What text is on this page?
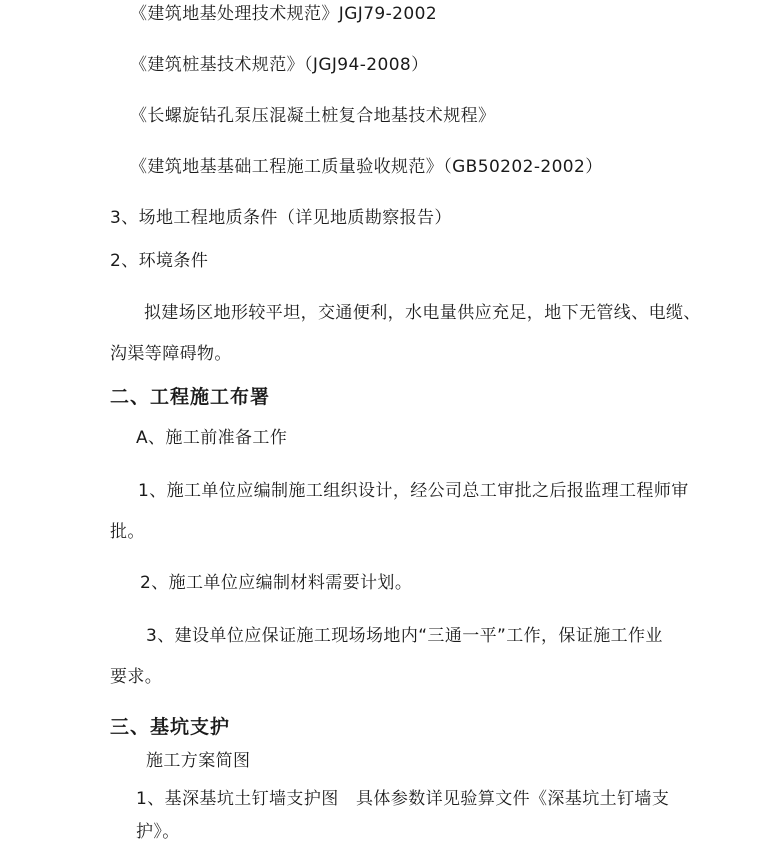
《建筑地基处理技术规范》JGJ79-2002
《建筑桩基技术规范》（JGJ94-2008）
《长螺旋钻孔泵压混凝土桩复合地基技术规程》
《建筑地基基础工程施工质量验收规范》（GB50202-2002）
3、场地工程地质条件（详见地质勘察报告）
2、环境条件
拟建场区地形较平坦，交通便利，水电量供应充足，地下无管线、电缆、
沟渠等障碍物。
二、工程施工布署
A、施工前准备工作
1、施工单位应编制施工组织设计，经公司总工审批之后报监理工程师审
批。
2、施工单位应编制材料需要计划。
3、建设单位应保证施工现场场地内“三通一平”工作，保证施工作业
要求。
三、基坑支护
施工方案简图
1、基深基坑土钉墙支护图　具体参数详见验算文件《深基坑土钉墙支
护》。
